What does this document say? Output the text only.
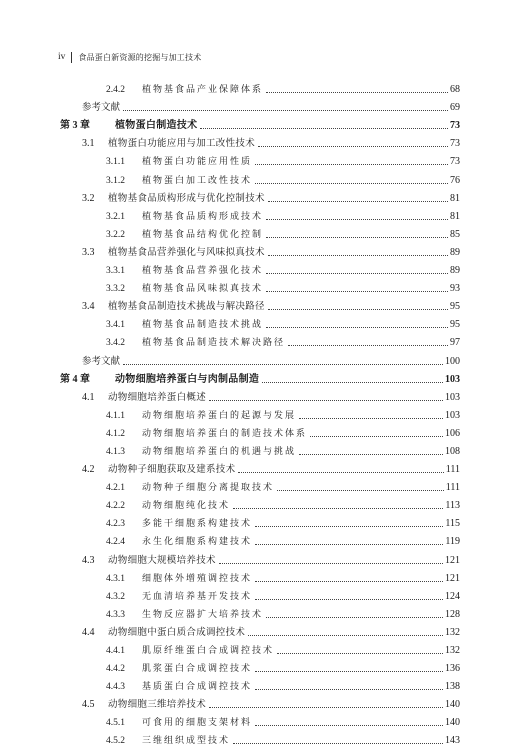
iv 食品蛋白新资源的挖掘与加工技术
2.4.2	植物基食品产业保障体系	68
参考文献	69
第 3 章	植物蛋白制造技术	73
3.1	植物蛋白功能应用与加工改性技术	73
3.1.1	植物蛋白功能应用性质	73
3.1.2	植物蛋白加工改性技术	76
3.2	植物基食品质构形成与优化控制技术	81
3.2.1	植物基食品质构形成技术	81
3.2.2	植物基食品结构优化控制	85
3.3	植物基食品营养强化与风味拟真技术	89
3.3.1	植物基食品营养强化技术	89
3.3.2	植物基食品风味拟真技术	93
3.4	植物基食品制造技术挑战与解决路径	95
3.4.1	植物基食品制造技术挑战	95
3.4.2	植物基食品制造技术解决路径	97
参考文献	100
第 4 章	动物细胞培养蛋白与肉制品制造	103
4.1	动物细胞培养蛋白概述	103
4.1.1	动物细胞培养蛋白的起源与发展	103
4.1.2	动物细胞培养蛋白的制造技术体系	106
4.1.3	动物细胞培养蛋白的机遇与挑战	108
4.2	动物种子细胞获取及建系技术	111
4.2.1	动物种子细胞分离提取技术	111
4.2.2	动物细胞纯化技术	113
4.2.3	多能干细胞系构建技术	115
4.2.4	永生化细胞系构建技术	119
4.3	动物细胞大规模培养技术	121
4.3.1	细胞体外增殖调控技术	121
4.3.2	无血清培养基开发技术	124
4.3.3	生物反应器扩大培养技术	128
4.4	动物细胞中蛋白质合成调控技术	132
4.4.1	肌原纤维蛋白合成调控技术	132
4.4.2	肌浆蛋白合成调控技术	136
4.4.3	基质蛋白合成调控技术	138
4.5	动物细胞三维培养技术	140
4.5.1	可食用的细胞支架材料	140
4.5.2	三维组织成型技术	143
